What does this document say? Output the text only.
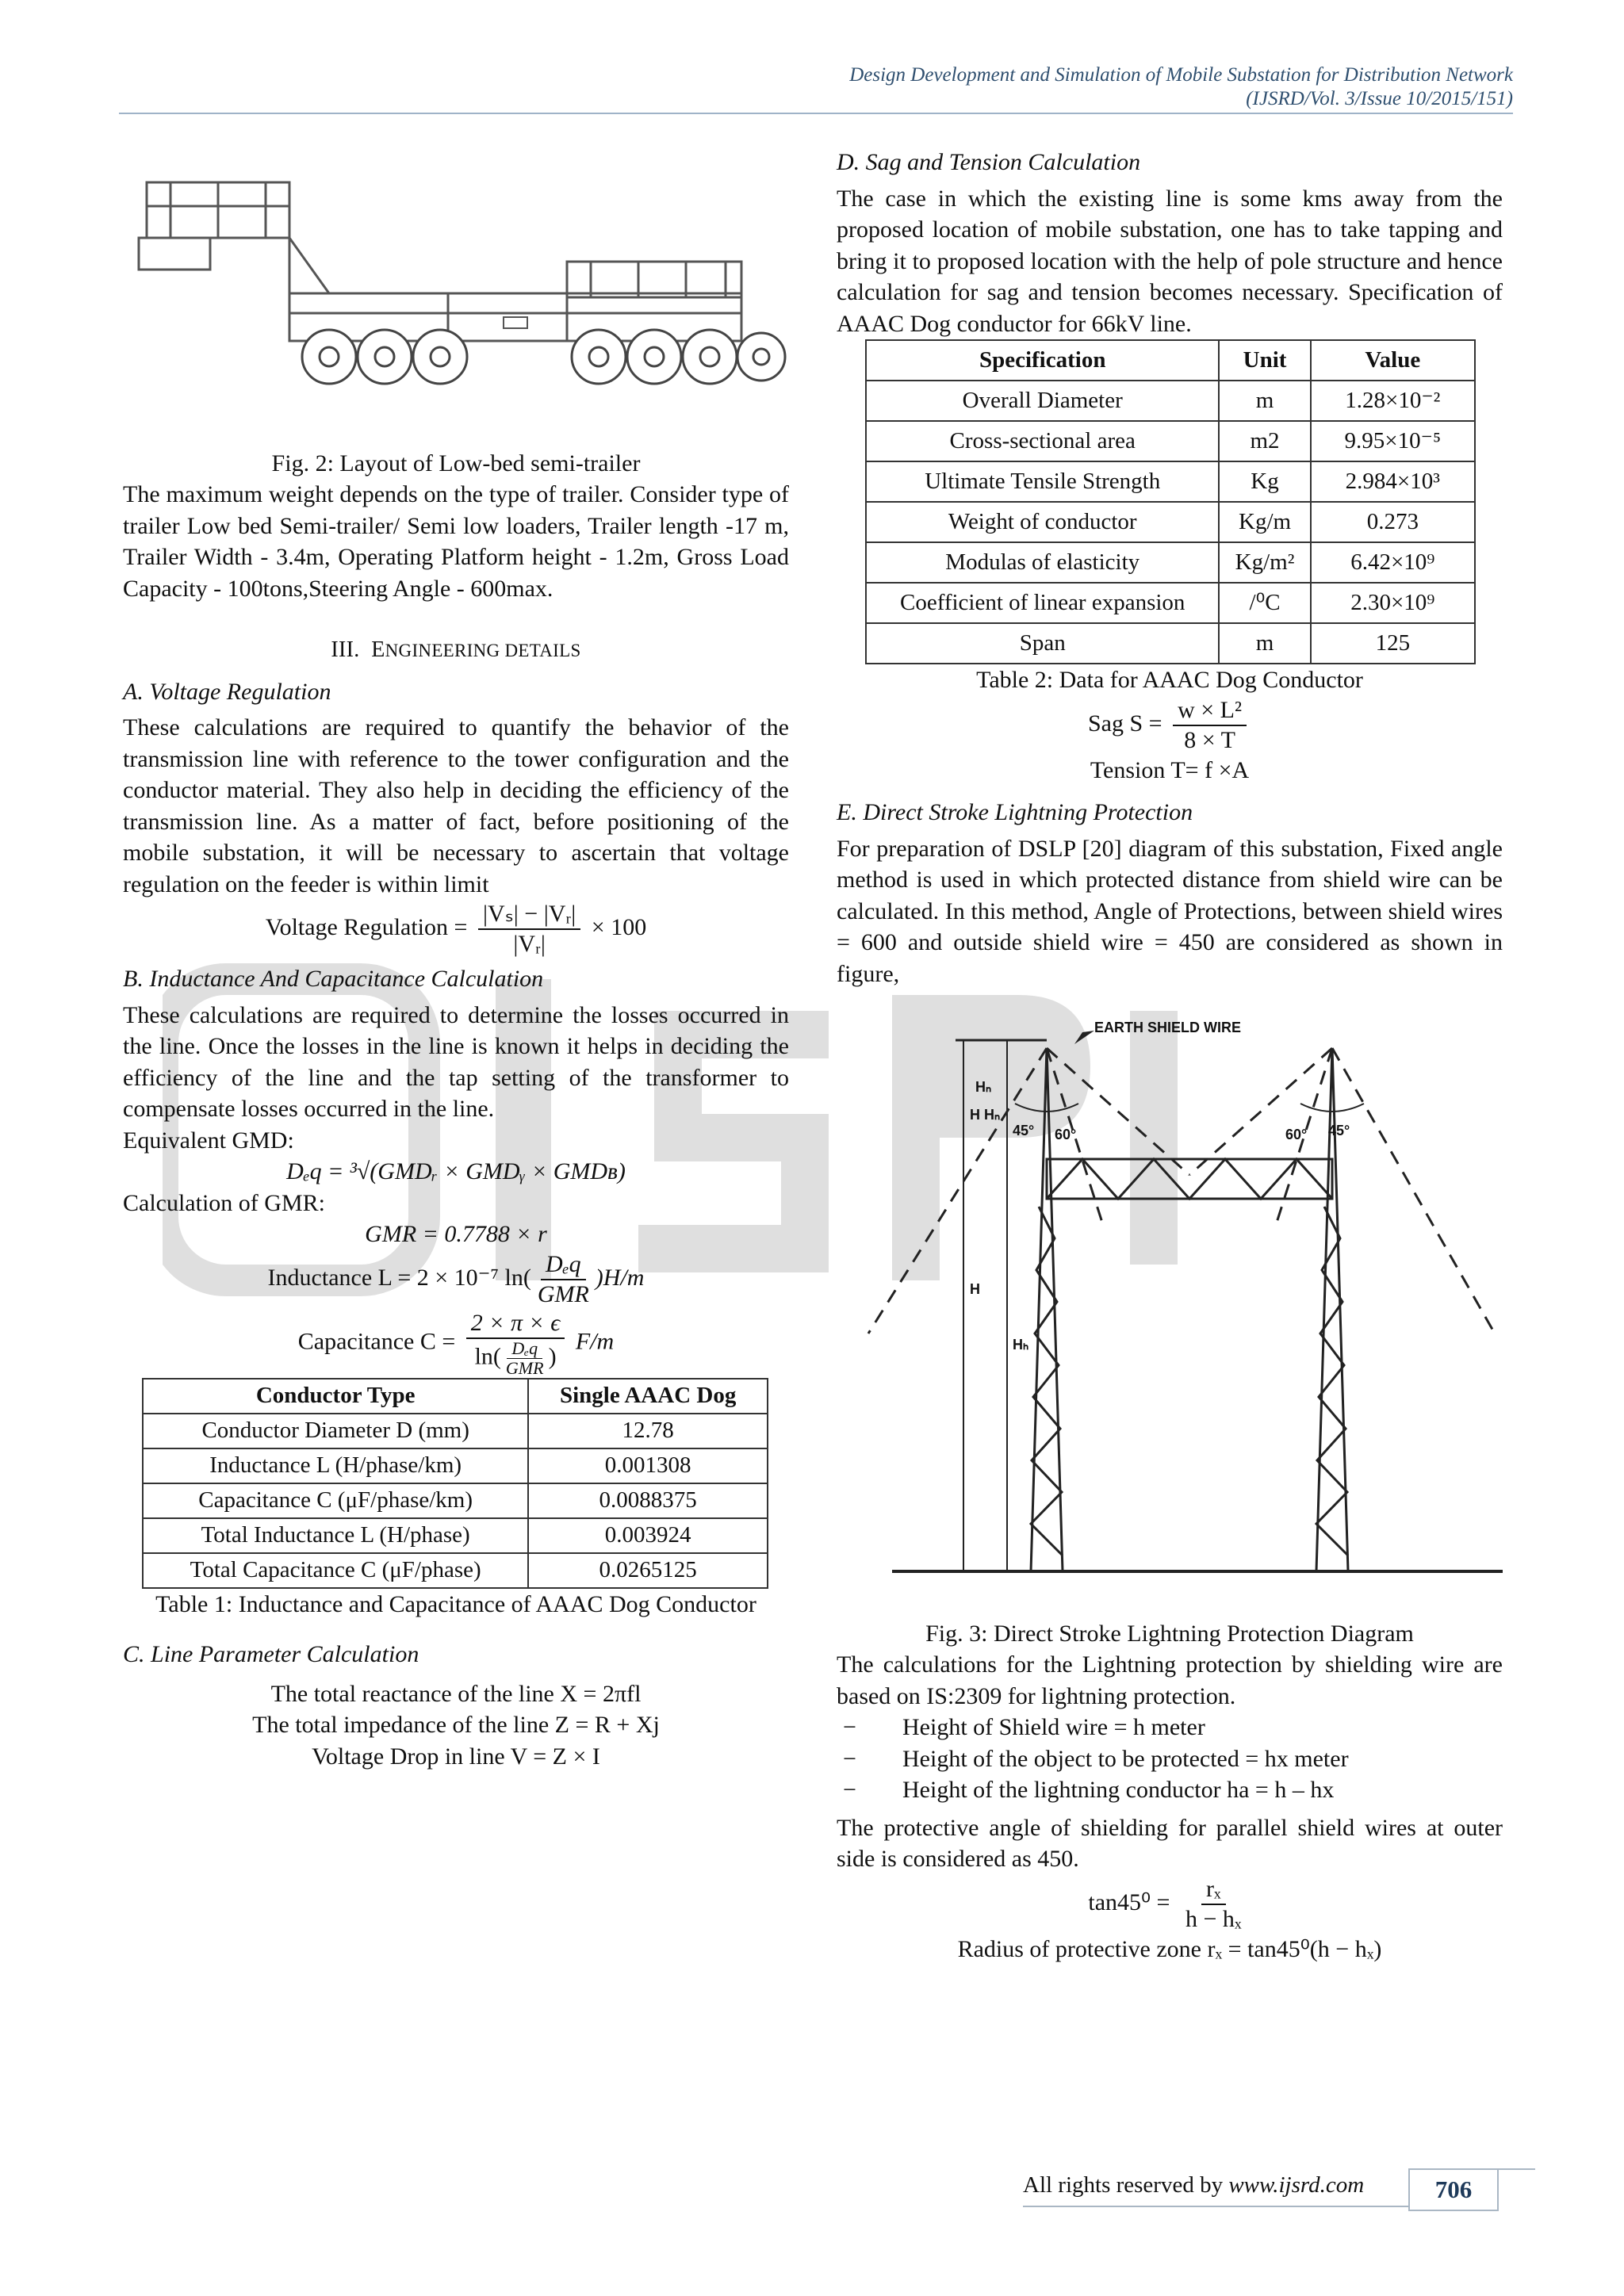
Design Development and Simulation of Mobile Substation for Distribution Network
(IJSRD/Vol. 3/Issue 10/2015/151)

Fig. 2: Layout of Low-bed semi-trailer

The maximum weight depends on the type of trailer. Consider type of trailer Low bed Semi-trailer/ Semi low loaders, Trailer length -17 m, Trailer Width - 3.4m, Operating Platform height - 1.2m, Gross Load Capacity - 100tons,Steering Angle - 600max.

III. ENGINEERING DETAILS

A. Voltage Regulation

These calculations are required to quantify the behavior of the transmission line with reference to the tower configuration and the conductor material. They also help in deciding the efficiency of the transmission line. As a matter of fact, before positioning of the mobile substation, it will be necessary to ascertain that voltage regulation on the feeder is within limit

Voltage Regulation = $\frac{\text{|Vₛ| − |Vᵣ|}}{\text{|Vᵣ|}} \times 100$

B. Inductance And Capacitance Calculation

These calculations are required to determine the losses occurred in the line. Once the losses in the line is known it helps in deciding the efficiency of the line and the tap setting of the transformer to compensate losses occurred in the line.

Equivalent GMD:

Dₑq = ³√(GMDᵣ × GMDᵧ × GMDʙ)

Calculation of GMR:

GMR = 0.7788 × r
Inductance L = 2 × 10⁻⁷ $\ln( \frac{\text{Dₑq}}{\text{GMR}} )H/m$
Capacitance $C = \frac{2 \times \pi \times \epsilon}{\ln( \frac{\text{Dₑq}}{\text{GMR}} )} F/m$
Conductor Type	Single AAAC Dog
Conductor Diameter D (mm)	12.78
Inductance L (H/phase/km)	0.001308
Capacitance C (μF/phase/km)	0.0088375
Total Inductance L (H/phase)	0.003924
Total Capacitance C (μF/phase)	0.0265125

Table 1: Inductance and Capacitance of AAAC Dog Conductor

C. Line Parameter Calculation

The total reactance of the line X = 2πfl
The total impedance of the line Z = R + Xj
Voltage Drop in line V = Z × I

D. Sag and Tension Calculation

The case in which the existing line is some kms away from the proposed location of mobile substation, one has to take tapping and bring it to proposed location with the help of pole structure and hence calculation for sag and tension becomes necessary. Specification of AAAC Dog conductor for 66kV line.

Specification	Unit	Value
Overall Diameter	m	1.28×10⁻²
Cross-sectional area	m2	9.95×10⁻⁵
Ultimate Tensile Strength	Kg	2.984×10³
Weight of conductor	Kg/m	0.273
Modulas of elasticity	Kg/m²	6.42×10⁹
Coefficient of linear expansion	/⁰C	2.30×10⁹
Span	m	125

Table 2: Data for AAAC Dog Conductor

Sag $S = \frac{\text{w × L²}}{8 \times T}$
Tension T= f ×A

E. Direct Stroke Lightning Protection

For preparation of DSLP [20] diagram of this substation, Fixed angle method is used in which protected distance from shield wire can be calculated. In this method, Angle of Protections, between shield wires = 600 and outside shield wire = 450 are considered as shown in figure,

EARTH SHIELD WIRE
Hₙ
H Hₙ
45° 60°	60° 45°
H
Hₕ

Fig. 3: Direct Stroke Lightning Protection Diagram

The calculations for the Lightning protection by shielding wire are based on IS:2309 for lightning protection.

−	Height of Shield wire = h meter
−	Height of the object to be protected = hx meter
−	Height of the lightning conductor ha = h – hx

The protective angle of shielding for parallel shield wires at outer side is considered as 450.

$\tan 45^0 = \frac{\text{rₓ}}{\text{h − hₓ}}$
Radius of protective zone rₓ = tan45⁰(h − hₓ)
All rights reserved by www.ijsrd.com	706
